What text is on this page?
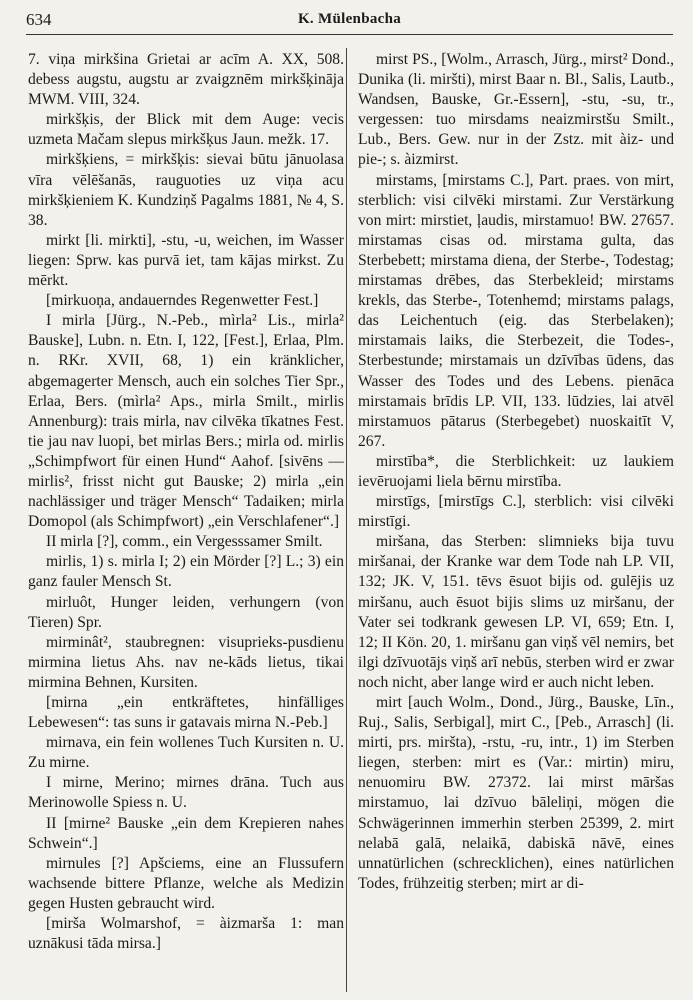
634	K. Mülenbacha

7. viņa mirkšina Grietai ar acīm A. XX, 508. debess augstu, augstu ar zvaigznēm mirkšķināja MWM. VIII, 324.

mirkšķis, der Blick mit dem Auge: vecis uzmeta Mačam slepus mirkšķus Jaun. mežk. 17.

mirkšķiens, = mirkšķis: sievai būtu jānuolasa vīra vēlēšanās, rauguoties uz viņa acu mirkšķieniem K. Kundziņš Pagalms 1881, № 4, S. 38.

mirkt [li. mirkti], -stu, -u, weichen, im Wasser liegen: Sprw. kas purvā iet, tam kājas mirkst. Zu mērkt.

[mirkuoņa, andauerndes Regenwetter Fest.]

I mirla [Jürg., N.-Peb., mìrla² Lis., mirla² Bauske], Lubn. n. Etn. I, 122, [Fest.], Erlaa, Plm. n. RKr. XVII, 68, 1) ein kränklicher, abgemagerter Mensch, auch ein solches Tier Spr., Erlaa, Bers. (mìrla² Aps., mirla Smilt., mirlis Annenburg): trais mirla, nav cilvēka tīkatnes Fest. tie jau nav luopi, bet mirlas Bers.; mirla od. mirlis „Schimpfwort für einen Hund“ Aahof. [sivēns — mirlis², frisst nicht gut Bauske; 2) mirla „ein nachlässiger und träger Mensch“ Tadaiken; mirla Domopol (als Schimpfwort) „ein Verschlafener“.]

II mirla [?], comm., ein Vergesssamer Smilt.

mirlis, 1) s. mirla I; 2) ein Mörder [?] L.; 3) ein ganz fauler Mensch St.

mirluôt, Hunger leiden, verhungern (von Tieren) Spr.

mirminât², staubregnen: visuprieks-pusdienu mirmina lietus Ahs. nav ne-kāds lietus, tikai mirmina Behnen, Kursiten.

[mirna „ein entkräftetes, hinfälliges Lebewesen“: tas suns ir gatavais mirna N.-Peb.]

mirnava, ein fein wollenes Tuch Kursiten n. U. Zu mirne.

I mirne, Merino; mirnes drāna. Tuch aus Merinowolle Spiess n. U.

II [mirne² Bauske „ein dem Krepieren nahes Schwein“.]

mirnules [?] Apšciems, eine an Flussufern wachsende bittere Pflanze, welche als Medizin gegen Husten gebraucht wird.

[mirša Wolmarshof, = àizmarša 1: man uznākusi tāda mirsa.]

mirst PS., [Wolm., Arrasch, Jürg., mirst² Dond., Dunika (li. miršti), mirst Baar n. Bl., Salis, Lautb., Wandsen, Bauske, Gr.-Essern], -stu, -su, tr., vergessen: tuo mirsdams neaizmirstšu Smilt., Lub., Bers. Gew. nur in der Zstz. mit àiz- und pie-; s. àizmirst.

mirstams, [mirstams C.], Part. praes. von mirt, sterblich: visi cilvēki mirstami. Zur Verstärkung von mirt: mirstiet, ļaudis, mirstamuo! BW. 27657. mirstamas cisas od. mirstama gulta, das Sterbebett; mirstama diena, der Sterbe-, Todestag; mirstamas drēbes, das Sterbekleid; mirstams krekls, das Sterbe-, Totenhemd; mirstams palags, das Leichentuch (eig. das Sterbelaken); mirstamais laiks, die Sterbezeit, die Todes-, Sterbestunde; mirstamais un dzīvības ūdens, das Wasser des Todes und des Lebens. pienāca mirstamais brīdis LP. VII, 133. lūdzies, lai atvēl mirstamuos pātarus (Sterbegebet) nuoskaitīt V, 267.

mirstība*, die Sterblichkeit: uz laukiem ievēruojami liela bērnu mirstība.

mirstīgs, [mirstīgs C.], sterblich: visi cilvēki mirstīgi.

miršana, das Sterben: slimnieks bija tuvu miršanai, der Kranke war dem Tode nah LP. VII, 132; JK. V, 151. tēvs ēsuot bijis od. gulējis uz miršanu, auch ēsuot bijis slims uz miršanu, der Vater sei todkrank gewesen LP. VI, 659; Etn. I, 12; II Kön. 20, 1. miršanu gan viņš vēl nemirs, bet ilgi dzīvuotājs viņš arī nebūs, sterben wird er zwar noch nicht, aber lange wird er auch nicht leben.

mirt [auch Wolm., Dond., Jürg., Bauske, Līn., Ruj., Salis, Serbigal], mirt C., [Peb., Arrasch] (li. mirti, prs. miršta), -rstu, -ru, intr., 1) im Sterben liegen, sterben: mirt es (Var.: mirtin) miru, nenuomiru BW. 27372. lai mirst māršas mirstamuo, lai dzīvuo bāleliņi, mögen die Schwägerinnen immerhin sterben 25399, 2. mirt nelabā galā, nelaikā, dabiskā nāvē, eines unnatürlichen (schrecklichen), eines natürlichen Todes, frühzeitig sterben; mirt ar di-
